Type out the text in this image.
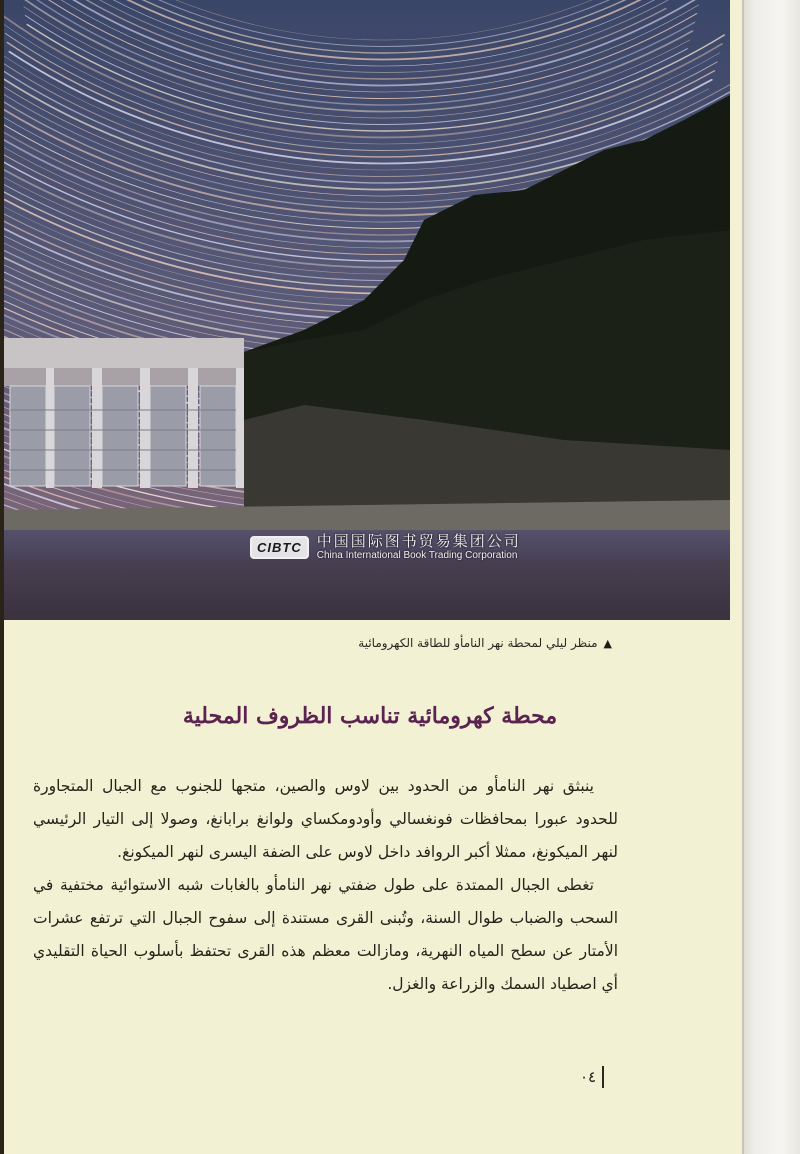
CIBTC	中国国际图书贸易集团公司
China International Book Trading Corporation
▲
منظر ليلي لمحطة نهر النامأو للطاقة الكهرومائية
محطة كهرومائية تناسب الظروف المحلية

ينبثق نهر النامأو من الحدود بين لاوس والصين، متجها للجنوب مع الجبال المتجاورة للحدود عبورا بمحافظات فونغسالي وأودومكساي ولوانغ برابانغ، وصولا إلى التيار الرئيسي لنهر الميكونغ، ممثلا أكبر الروافد داخل لاوس على الضفة اليسرى لنهر الميكونغ.

تغطى الجبال الممتدة على طول ضفتي نهر النامأو بالغابات شبه الاستوائية مختفية في السحب والضباب طوال السنة، وتُبنى القرى مستندة إلى سفوح الجبال التي ترتفع عشرات الأمتار عن سطح المياه النهرية، ومازالت معظم هذه القرى تحتفظ بأسلوب الحياة التقليدي أي اصطياد السمك والزراعة والغزل.

٠٤
